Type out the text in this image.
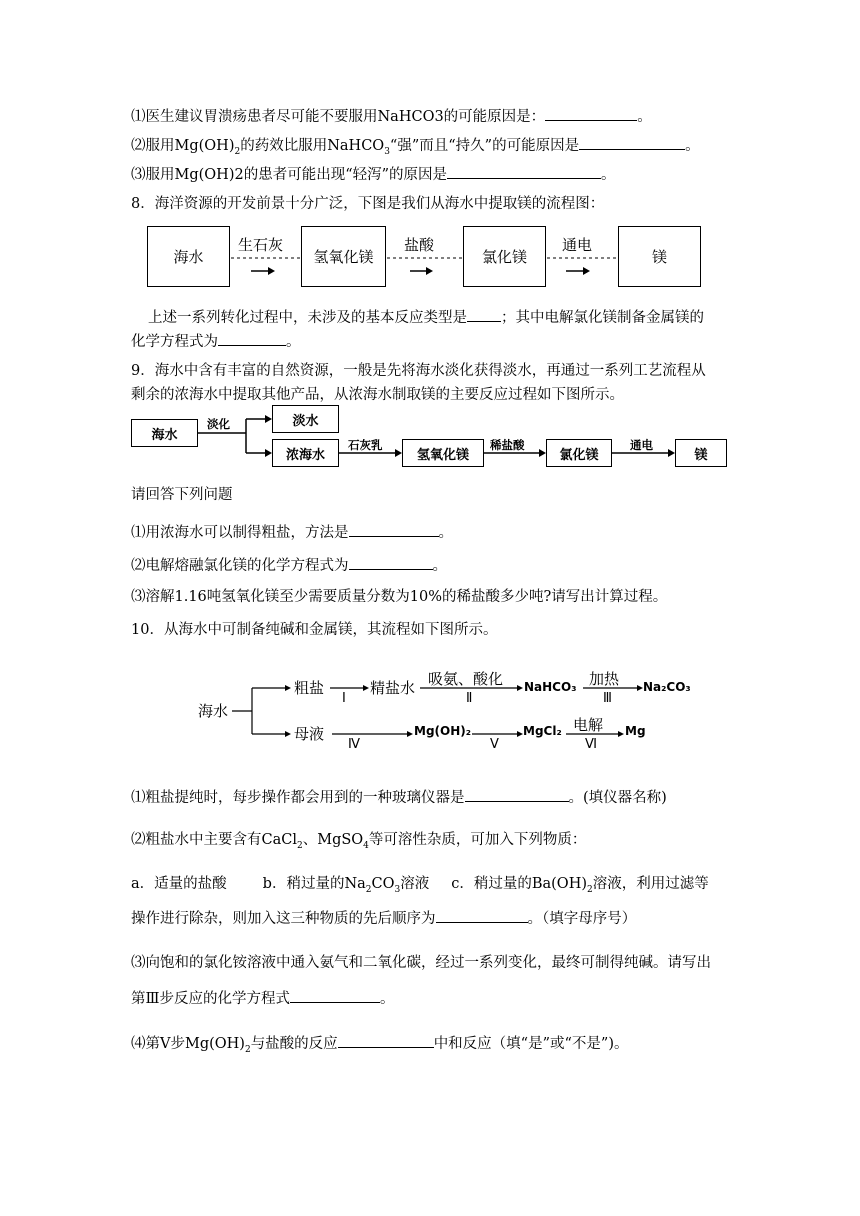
⑴医生建议胃溃疡患者尽可能不要服用NaHCO3的可能原因是：	。
⑵服用$Mg(OH)_2$的药效比服用NaHCO$_3$“强”而且“持久”的可能原因是	。
⑶服用Mg(OH)2的患者可能出现“轻泻”的原因是	。
8．海洋资源的开发前景十分广泛，下图是我们从海水中提取镁的流程图：
海水	氢氧化镁	氯化镁	镁
生石灰	盐酸	通电
上述一系列转化过程中，未涉及的基本反应类型是 ；其中电解氯化镁制备金属镁的
化学方程式为	。
9．海水中含有丰富的自然资源，一般是先将海水淡化获得淡水，再通过一系列工艺流程从
剩余的浓海水中提取其他产品，从浓海水制取镁的主要反应过程如下图所示。
海水
淡水
浓海水	氢氧化镁	氯化镁	镁
淡化
石灰乳	稀盐酸	通电
请回答下列问题
⑴用浓海水可以制得粗盐，方法是	。
⑵电解熔融氯化镁的化学方程式为	。
⑶溶解1.16吨氢氧化镁至少需要质量分数为10%的稀盐酸多少吨?请写出计算过程。
10．从海水中可制备纯碱和金属镁，其流程如下图所示。
海水
粗盐	精盐水 吸氨、酸化 NaHCO₃ 加热 Na₂CO₃
母液	Mg(OH)₂	MgCl₂ 电解 Mg
Ⅰ	Ⅱ	Ⅲ
Ⅳ	Ⅴ	Ⅵ
⑴粗盐提纯时，每步操作都会用到的一种玻璃仪器是	。(填仪器名称)
⑵粗盐水中主要含有CaCl$_2$、MgSO$_4$等可溶性杂质，可加入下列物质：
a．适量的盐酸 b．稍过量的$Na_2CO_3$溶液 c．稍过量的$Ba(OH)_2$溶液，利用过滤等
操作进行除杂，则加入这三种物质的先后顺序为	。（填字母序号）
⑶向饱和的氯化铵溶液中通入氨气和二氧化碳，经过一系列变化，最终可制得纯碱。请写出
第Ⅲ步反应的化学方程式	。
⑷第V步$Mg(OH)_2$与盐酸的反应	中和反应（填“是”或“不是”)。
